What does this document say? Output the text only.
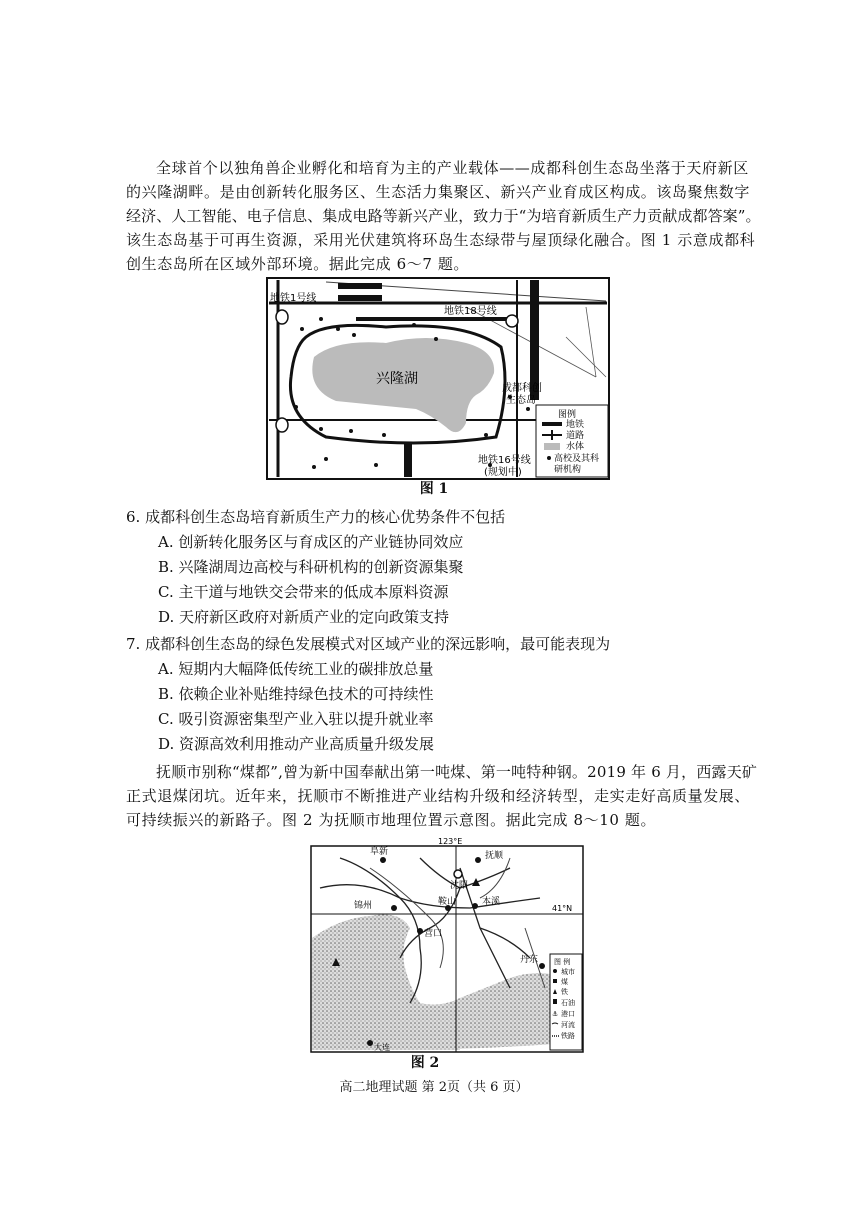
全球首个以独角兽企业孵化和培育为主的产业载体——成都科创生态岛坐落于天府新区
的兴隆湖畔。是由创新转化服务区、生态活力集聚区、新兴产业育成区构成。该岛聚焦数字
经济、人工智能、电子信息、集成电路等新兴产业，致力于“为培育新质生产力贡献成都答案”。
该生态岛基于可再生资源，采用光伏建筑将环岛生态绿带与屋顶绿化融合。图 1 示意成都科
创生态岛所在区域外部环境。据此完成 6～7 题。
地铁1号线
地铁18号线
兴隆湖
成都科创
生态岛
地铁16号线
(规划中)
图例
地铁
道路
水体
高校及其科
研机构
图 1
6. 成都科创生态岛培育新质生产力的核心优势条件不包括
A. 创新转化服务区与育成区的产业链协同效应
B. 兴隆湖周边高校与科研机构的创新资源集聚
C. 主干道与地铁交会带来的低成本原料资源
D. 天府新区政府对新质产业的定向政策支持
7. 成都科创生态岛的绿色发展模式对区域产业的深远影响，最可能表现为
A. 短期内大幅降低传统工业的碳排放总量
B. 依赖企业补贴维持绿色技术的可持续性
C. 吸引资源密集型产业入驻以提升就业率
D. 资源高效利用推动产业高质量升级发展
抚顺市别称“煤都”,曾为新中国奉献出第一吨煤、第一吨特种钢。2019 年 6 月，西露天矿
正式退煤闭坑。近年来，抚顺市不断推进产业结构升级和经济转型，走实走好高质量发展、
可持续振兴的新路子。图 2 为抚顺市地理位置示意图。据此完成 8～10 题。
123°E
41°N
阜新	抚顺
沈阳
锦州	鞍山	本溪
营口
丹东
大连
图 例
城市
煤
铁
石油
⚓ 港口
河流
铁路
图 2
高二地理试题 第 2页（共 6 页）
